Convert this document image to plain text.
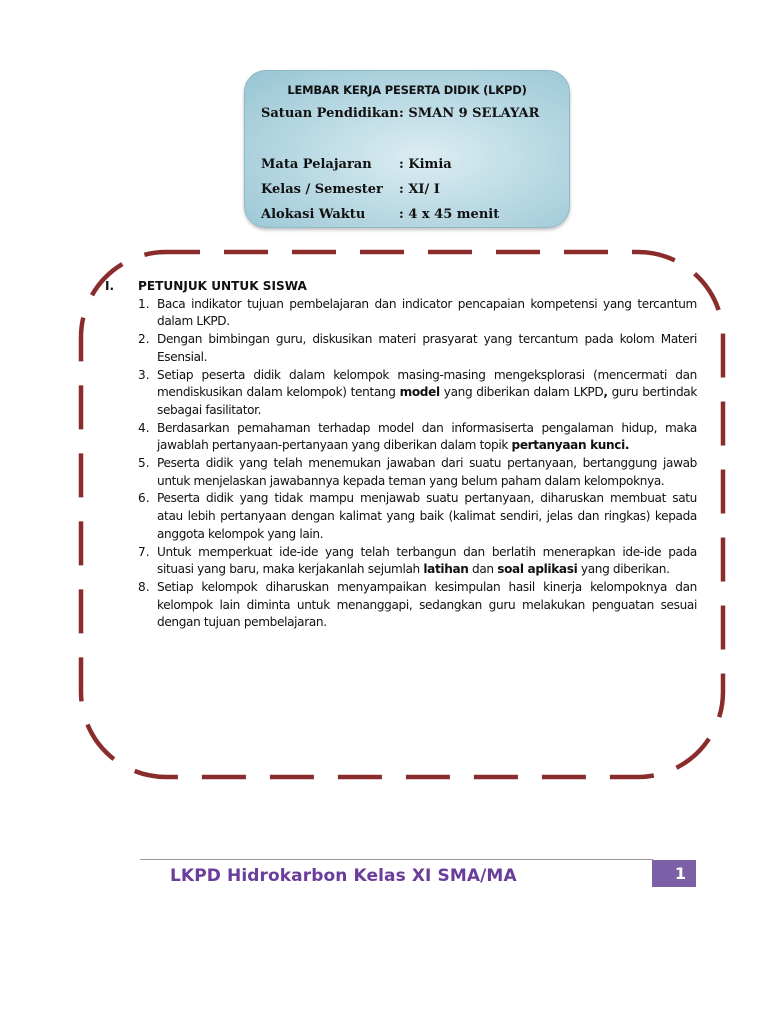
LEMBAR KERJA PESERTA DIDIK (LKPD)
Satuan Pendidikan: SMAN 9 SELAYAR
Mata Pelajaran : Kimia
Kelas / Semester : XI/ I
Alokasi Waktu	: 4 x 45 menit
I.	PETUNJUK UNTUK SISWA
1. Baca indikator tujuan pembelajaran dan indicator pencapaian kompetensi yang tercantum dalam LKPD.
2. Dengan bimbingan guru, diskusikan materi prasyarat yang tercantum pada kolom Materi Esensial.
3. Setiap peserta didik dalam kelompok masing-masing mengeksplorasi (mencermati dan mendiskusikan dalam kelompok) tentang model yang diberikan dalam LKPD, guru bertindak sebagai fasilitator.
4. Berdasarkan pemahaman terhadap model dan informasiserta pengalaman hidup, maka jawablah pertanyaan-pertanyaan yang diberikan dalam topik pertanyaan kunci.
5. Peserta didik yang telah menemukan jawaban dari suatu pertanyaan, bertanggung jawab untuk menjelaskan jawabannya kepada teman yang belum paham dalam kelompoknya.
6. Peserta didik yang tidak mampu menjawab suatu pertanyaan, diharuskan membuat satu atau lebih pertanyaan dengan kalimat yang baik (kalimat sendiri, jelas dan ringkas) kepada anggota kelompok yang lain.
7. Untuk memperkuat ide-ide yang telah terbangun dan berlatih menerapkan ide-ide pada situasi yang baru, maka kerjakanlah sejumlah latihan dan soal aplikasi yang diberikan.
8. Setiap kelompok diharuskan menyampaikan kesimpulan hasil kinerja kelompoknya dan kelompok lain diminta untuk menanggapi, sedangkan guru melakukan penguatan sesuai dengan tujuan pembelajaran.
LKPD Hidrokarbon Kelas XI SMA/MA	1
